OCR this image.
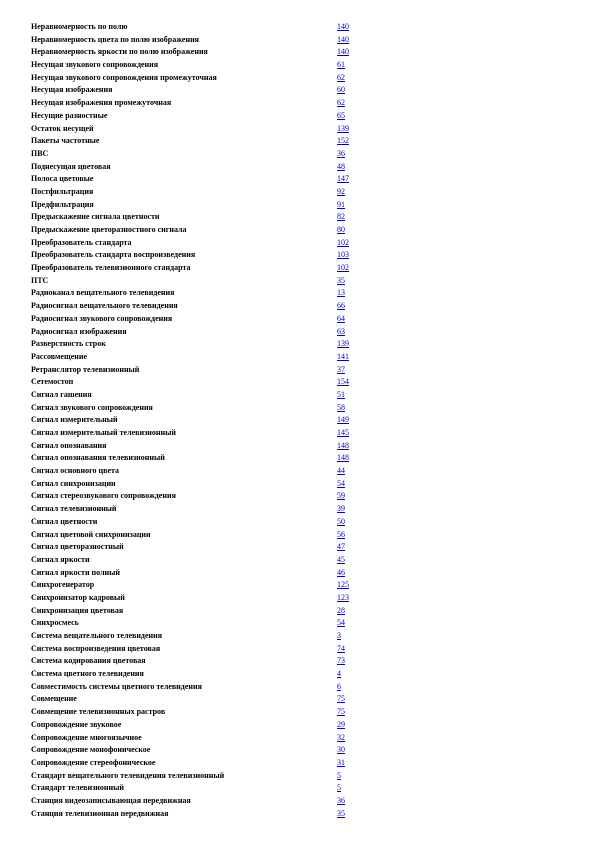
Неравномерность по полю	140
Неравномерность цвета по полю изображения	140
Неравномерность яркости по полю изображения	140
Несущая звукового сопровождения	61
Несущая звукового сопровождения промежуточная	62
Несущая изображения	60
Несущая изображения промежуточная	62
Несущие разностные	65
Остаток несущей	139
Пакеты частотные	152
ПВС	36
Поднесущая цветовая	48
Полоса цветовые	147
Постфильтрация	92
Предфильтрация	91
Предыскажение сигнала цветности	82
Предыскажение цветоразностного сигнала	80
Преобразователь стандарта	102
Преобразователь стандарта воспроизведения	103
Преобразователь телевизионного стандарта	102
ПТС	35
Радиоканал вещательного телевидения	13
Радиосигнал вещательного телевидения	66
Радиосигнал звукового сопровождения	64
Радиосигнал изображения	63
Разверстность строк	139
Рассовмещение	141
Ретранслятор телевизионный	37
Сетемостоп	154
Сигнал гашения	51
Сигнал звукового сопровождения	58
Сигнал измерительный	149
Сигнал измерительный телевизионный	145
Сигнал опознавания	148
Сигнал опознавания телевизионный	148
Сигнал основного цвета	44
Сигнал синхронизации	54
Сигнал стереозвукового сопровождения	59
Сигнал телевизионный	39
Сигнал цветности	50
Сигнал цветовой синхронизации	56
Сигнал цветоразностный	47
Сигнал яркости	45
Сигнал яркости полный	46
Синхрогенератор	125
Синхронизатор кадровый	123
Синхронизация цветовая	28
Синхросмесь	54
Система вещательного телевидения	3
Система воспроизведения цветовая	74
Система кодирования цветовая	73
Система цветного телевидения	4
Совместимость системы цветного телевидения	6
Совмещение	75
Совмещение телевизионных растров	75
Сопровождение звуковое	29
Сопровождение многоязычное	32
Сопровождение монофоническое	30
Сопровождение стереофоническое	31
Стандарт вещательного телевидения телевизионный	5
Стандарт телевизионный	5
Станция видеозаписывающая передвижная	36
Станция телевизионная передвижная	35
